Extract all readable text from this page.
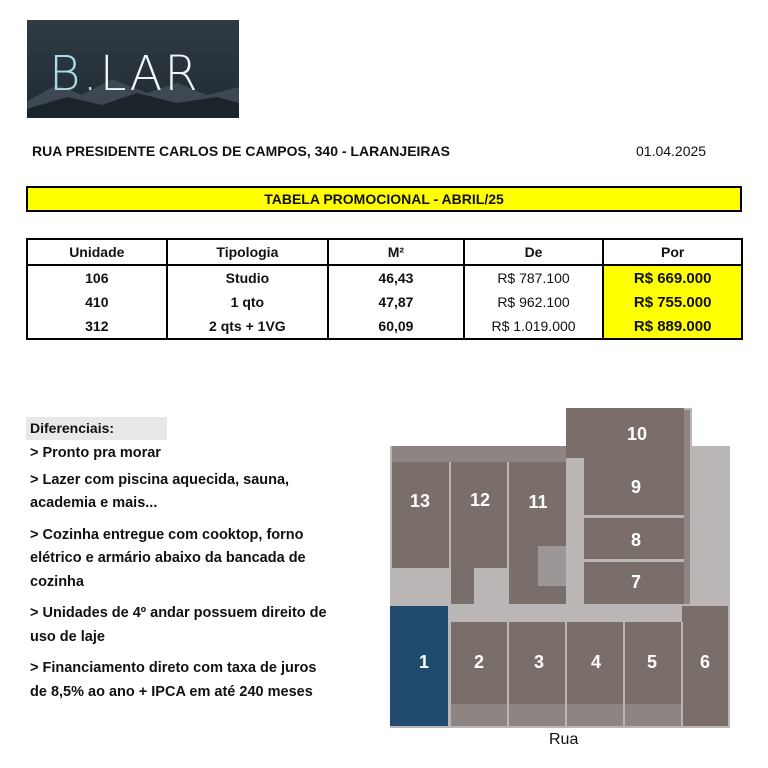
B.LAR
RUA PRESIDENTE CARLOS DE CAMPOS, 340 - LARANJEIRAS	01.04.2025
TABELA PROMOCIONAL - ABRIL/25
Unidade	Tipologia	M²	De	Por
106	Studio	46,43	R$ 787.100	R$ 669.000
410	1 qto	47,87	R$ 962.100	R$ 755.000
312	2 qts + 1VG	60,09	R$ 1.019.000	R$ 889.000
Diferenciais:
> Pronto pra morar
> Lazer com piscina aquecida, sauna, academia e mais...
> Cozinha entregue com cooktop, forno elétrico e armário abaixo da bancada de cozinha
> Unidades de 4º andar possuem direito de uso de laje
> Financiamento direto com taxa de juros de 8,5% ao ano + IPCA em até 240 meses
10
9
8
7
13 12 11
1 2	3	4	5 6
Rua
